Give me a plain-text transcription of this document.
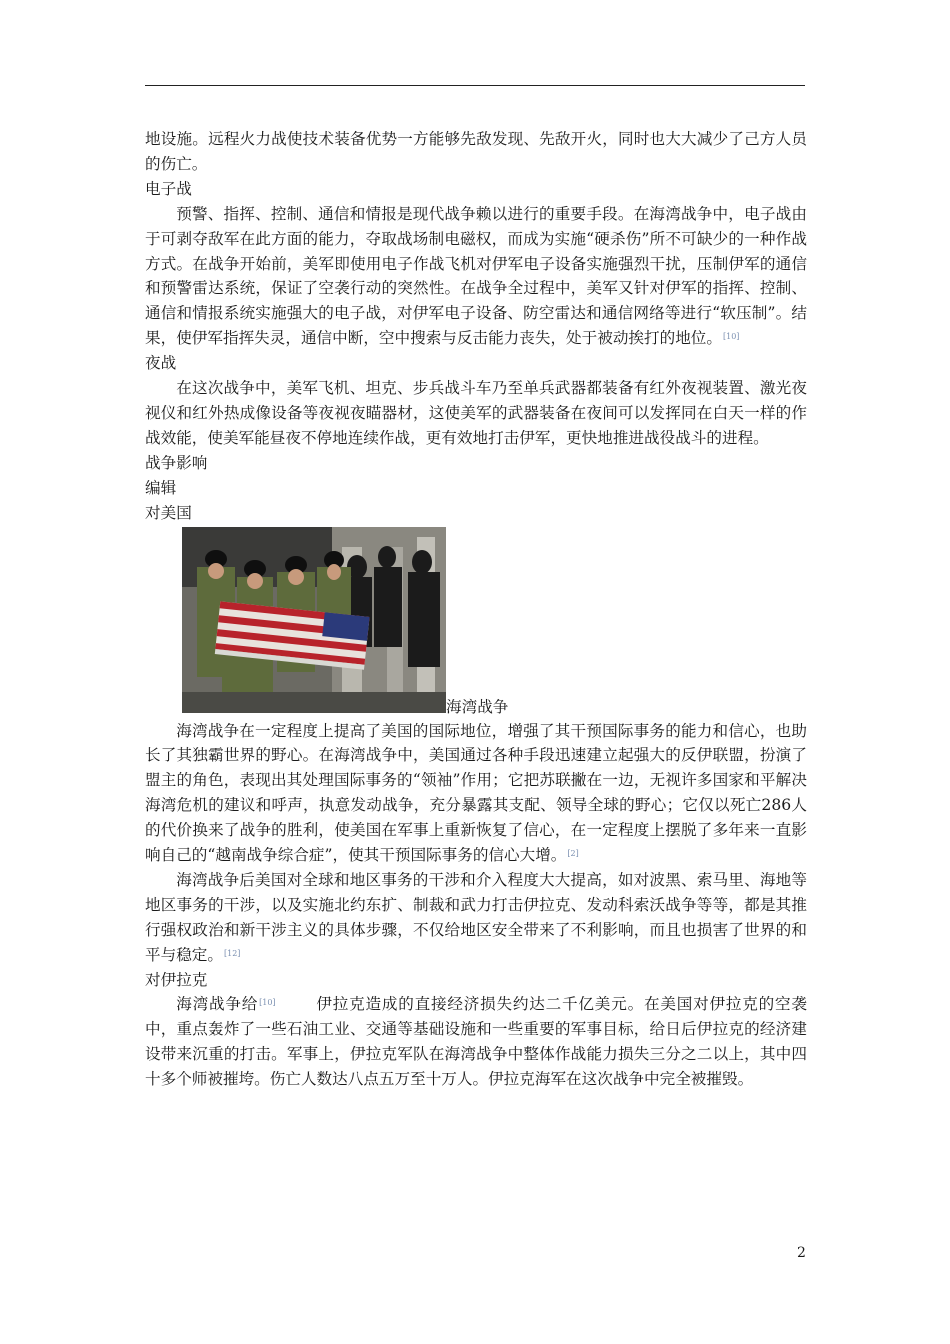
地设施。远程火力战使技术装备优势一方能够先敌发现、先敌开火，同时也大大减少了己方人员的伤亡。

电子战

预警、指挥、控制、通信和情报是现代战争赖以进行的重要手段。在海湾战争中，电子战由于可剥夺敌军在此方面的能力，夺取战场制电磁权，而成为实施“硬杀伤”所不可缺少的一种作战方式。在战争开始前，美军即使用电子作战飞机对伊军电子设备实施强烈干扰，压制伊军的通信和预警雷达系统，保证了空袭行动的突然性。在战争全过程中，美军又针对伊军的指挥、控制、通信和情报系统实施强大的电子战，对伊军电子设备、防空雷达和通信网络等进行“软压制”。结果，使伊军指挥失灵，通信中断，空中搜索与反击能力丧失，处于被动挨打的地位。[10]

夜战

在这次战争中，美军飞机、坦克、步兵战斗车乃至单兵武器都装备有红外夜视装置、激光夜视仪和红外热成像设备等夜视夜瞄器材，这使美军的武器装备在夜间可以发挥同在白天一样的作战效能，使美军能昼夜不停地连续作战，更有效地打击伊军，更快地推进战役战斗的进程。

战争影响

编辑

对美国

海湾战争

海湾战争在一定程度上提高了美国的国际地位，增强了其干预国际事务的能力和信心，也助长了其独霸世界的野心。在海湾战争中，美国通过各种手段迅速建立起强大的反伊联盟，扮演了盟主的角色，表现出其处理国际事务的“领袖”作用；它把苏联撇在一边，无视许多国家和平解决海湾危机的建议和呼声，执意发动战争，充分暴露其支配、领导全球的野心；它仅以死亡286人的代价换来了战争的胜利，使美国在军事上重新恢复了信心，在一定程度上摆脱了多年来一直影响自己的“越南战争综合症”，使其干预国际事务的信心大增。[2]

海湾战争后美国对全球和地区事务的干涉和介入程度大大提高，如对波黑、索马里、海地等地区事务的干涉，以及实施北约东扩、制裁和武力打击伊拉克、发动科索沃战争等等，都是其推行强权政治和新干涉主义的具体步骤，不仅给地区安全带来了不利影响，而且也损害了世界的和平与稳定。[12]

对伊拉克

海湾战争给[10]	伊拉克造成的直接经济损失约达二千亿美元。在美国对伊拉克的空袭中，重点轰炸了一些石油工业、交通等基础设施和一些重要的军事目标，给日后伊拉克的经济建设带来沉重的打击。军事上，伊拉克军队在海湾战争中整体作战能力损失三分之二以上，其中四十多个师被摧垮。伤亡人数达八点五万至十万人。伊拉克海军在这次战争中完全被摧毁。

2
